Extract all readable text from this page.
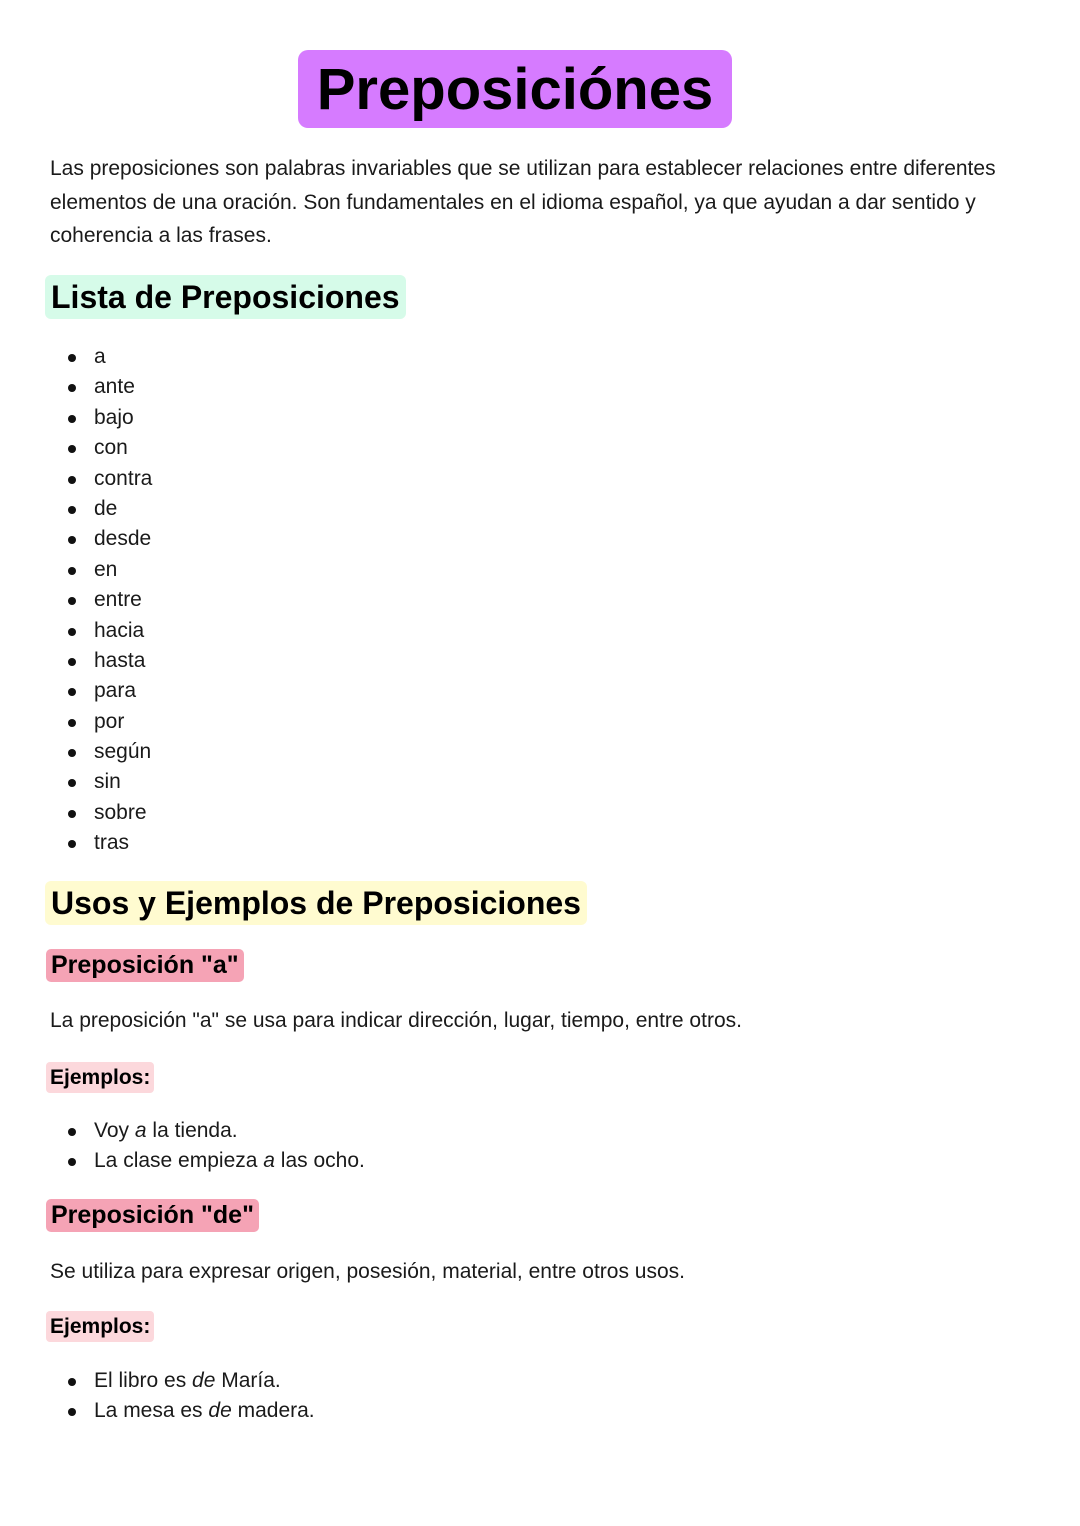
Preposiciónes
Las preposiciones son palabras invariables que se utilizan para establecer relaciones entre diferentes elementos de una oración. Son fundamentales en el idioma español, ya que ayudan a dar sentido y coherencia a las frases.
Lista de Preposiciones
a
ante
bajo
con
contra
de
desde
en
entre
hacia
hasta
para
por
según
sin
sobre
tras
Usos y Ejemplos de Preposiciones
Preposición "a"
La preposición "a" se usa para indicar dirección, lugar, tiempo, entre otros.
Ejemplos:
Voy a la tienda.
La clase empieza a las ocho.
Preposición "de"
Se utiliza para expresar origen, posesión, material, entre otros usos.
Ejemplos:
El libro es de María.
La mesa es de madera.
